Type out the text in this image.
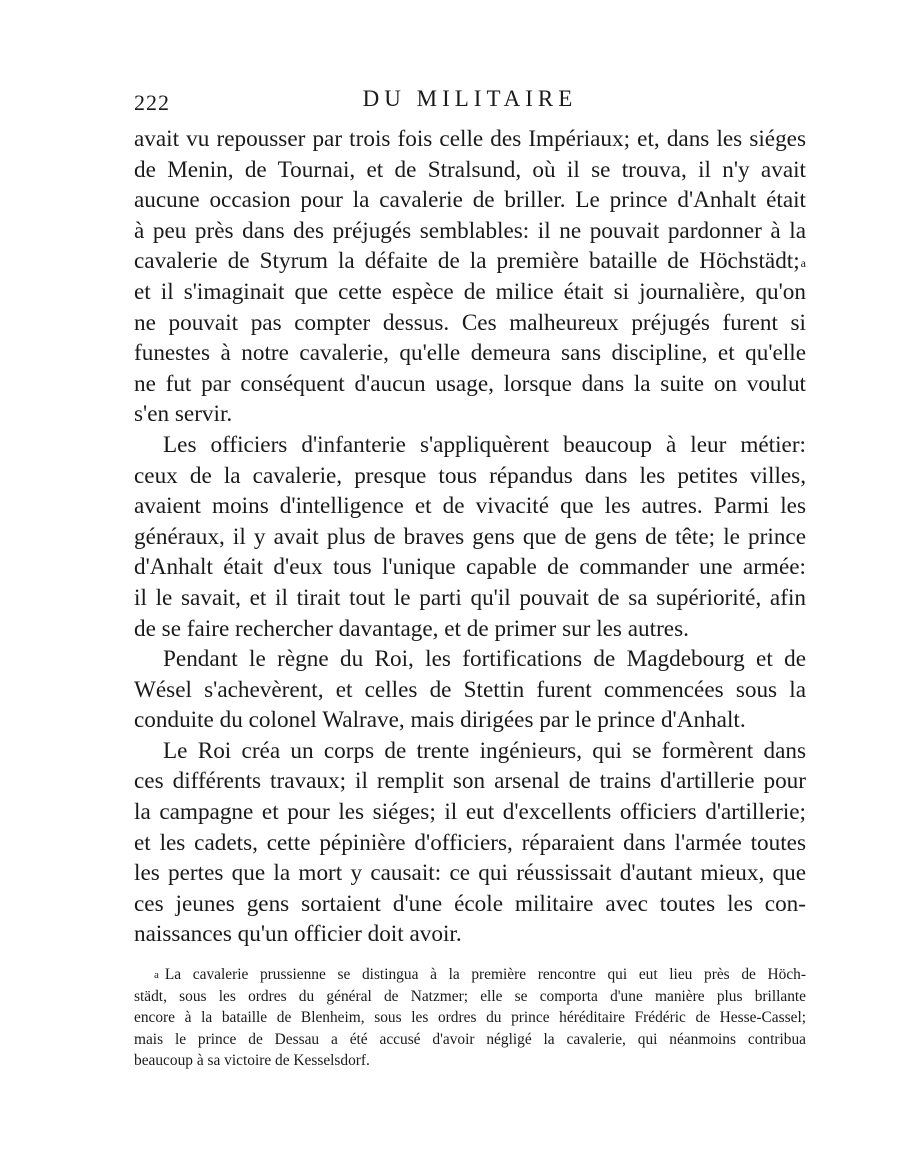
222	DU MILITAIRE
avait vu repousser par trois fois celle des Impériaux; et, dans les siéges
de Menin, de Tournai, et de Stralsund, où il se trouva, il n'y avait
aucune occasion pour la cavalerie de briller. Le prince d'Anhalt était
à peu près dans des préjugés semblables: il ne pouvait pardonner à la
cavalerie de Styrum la défaite de la première bataille de Höchstädt;$^a$
et il s'imaginait que cette espèce de milice était si journalière, qu'on
ne pouvait pas compter dessus. Ces malheureux préjugés furent si
funestes à notre cavalerie, qu'elle demeura sans discipline, et qu'elle
ne fut par conséquent d'aucun usage, lorsque dans la suite on voulut
s'en servir.
Les officiers d'infanterie s'appliquèrent beaucoup à leur métier:
ceux de la cavalerie, presque tous répandus dans les petites villes,
avaient moins d'intelligence et de vivacité que les autres. Parmi les
généraux, il y avait plus de braves gens que de gens de tête; le prince
d'Anhalt était d'eux tous l'unique capable de commander une armée:
il le savait, et il tirait tout le parti qu'il pouvait de sa supériorité, afin
de se faire rechercher davantage, et de primer sur les autres.
Pendant le règne du Roi, les fortifications de Magdebourg et de
Wésel s'achevèrent, et celles de Stettin furent commencées sous la
conduite du colonel Walrave, mais dirigées par le prince d'Anhalt.
Le Roi créa un corps de trente ingénieurs, qui se formèrent dans
ces différents travaux; il remplit son arsenal de trains d'artillerie pour
la campagne et pour les siéges; il eut d'excellents officiers d'artillerie;
et les cadets, cette pépinière d'officiers, réparaient dans l'armée toutes
les pertes que la mort y causait: ce qui réussissait d'autant mieux, que
ces jeunes gens sortaient d'une école militaire avec toutes les con-
naissances qu'un officier doit avoir.
$^a$ La cavalerie prussienne se distingua à la première rencontre qui eut lieu près de Höch-
städt, sous les ordres du général de Natzmer; elle se comporta d'une manière plus brillante
encore à la bataille de Blenheim, sous les ordres du prince héréditaire Frédéric de Hesse-Cassel;
mais le prince de Dessau a été accusé d'avoir négligé la cavalerie, qui néanmoins contribua
beaucoup à sa victoire de Kesselsdorf.
